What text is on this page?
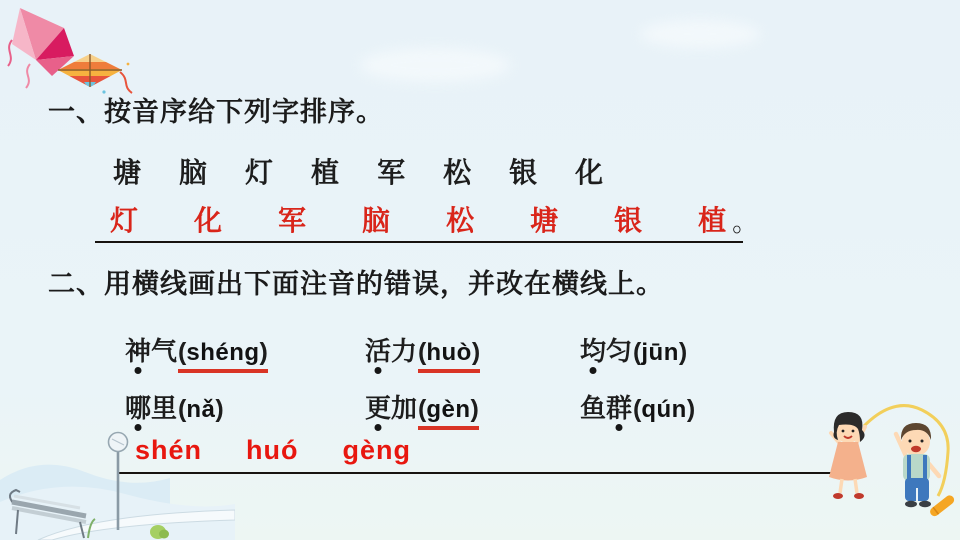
一、按音序给下列字排序。
塘 脑 灯 植 军 松 银 化
灯 化 军 脑 松 塘 银 植 。
二、用横线画出下面注音的错误，并改在横线上。
神气 (shéng)	活力 (huò)	均匀 (jūn)
哪里 (nǎ)	更加 (gèn)	鱼群 (qún)
shén huó gèng
